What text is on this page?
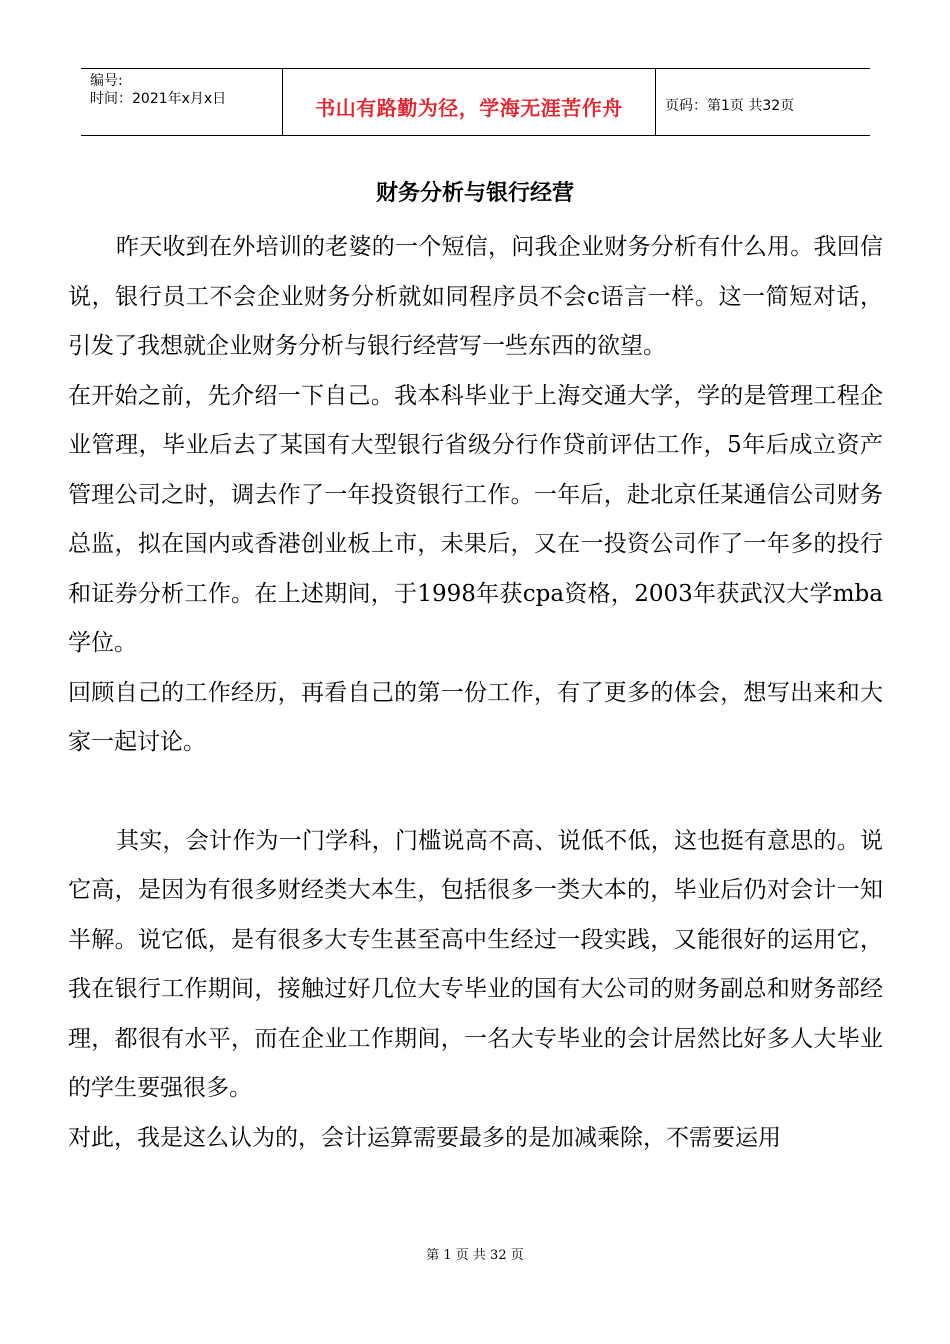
编号:
时间：2021年x月x日	书山有路勤为径，学海无涯苦作舟	页码：第1页 共32页
财务分析与银行经营

昨天收到在外培训的老婆的一个短信，问我企业财务分析有什么用。我回信说，银行员工不会企业财务分析就如同程序员不会c语言一样。这一简短对话，引发了我想就企业财务分析与银行经营写一些东西的欲望。

在开始之前，先介绍一下自己。我本科毕业于上海交通大学，学的是管理工程企业管理，毕业后去了某国有大型银行省级分行作贷前评估工作，5年后成立资产管理公司之时，调去作了一年投资银行工作。一年后，赴北京任某通信公司财务总监，拟在国内或香港创业板上市，未果后，又在一投资公司作了一年多的投行和证券分析工作。在上述期间，于1998年获cpa资格，2003年获武汉大学mba学位。

回顾自己的工作经历，再看自己的第一份工作，有了更多的体会，想写出来和大家一起讨论。

其实，会计作为一门学科，门槛说高不高、说低不低，这也挺有意思的。说它高，是因为有很多财经类大本生，包括很多一类大本的，毕业后仍对会计一知半解。说它低，是有很多大专生甚至高中生经过一段实践，又能很好的运用它，我在银行工作期间，接触过好几位大专毕业的国有大公司的财务副总和财务部经理，都很有水平，而在企业工作期间，一名大专毕业的会计居然比好多人大毕业的学生要强很多。

对此，我是这么认为的，会计运算需要最多的是加减乘除，不需要运用

第 1 页 共 32 页
